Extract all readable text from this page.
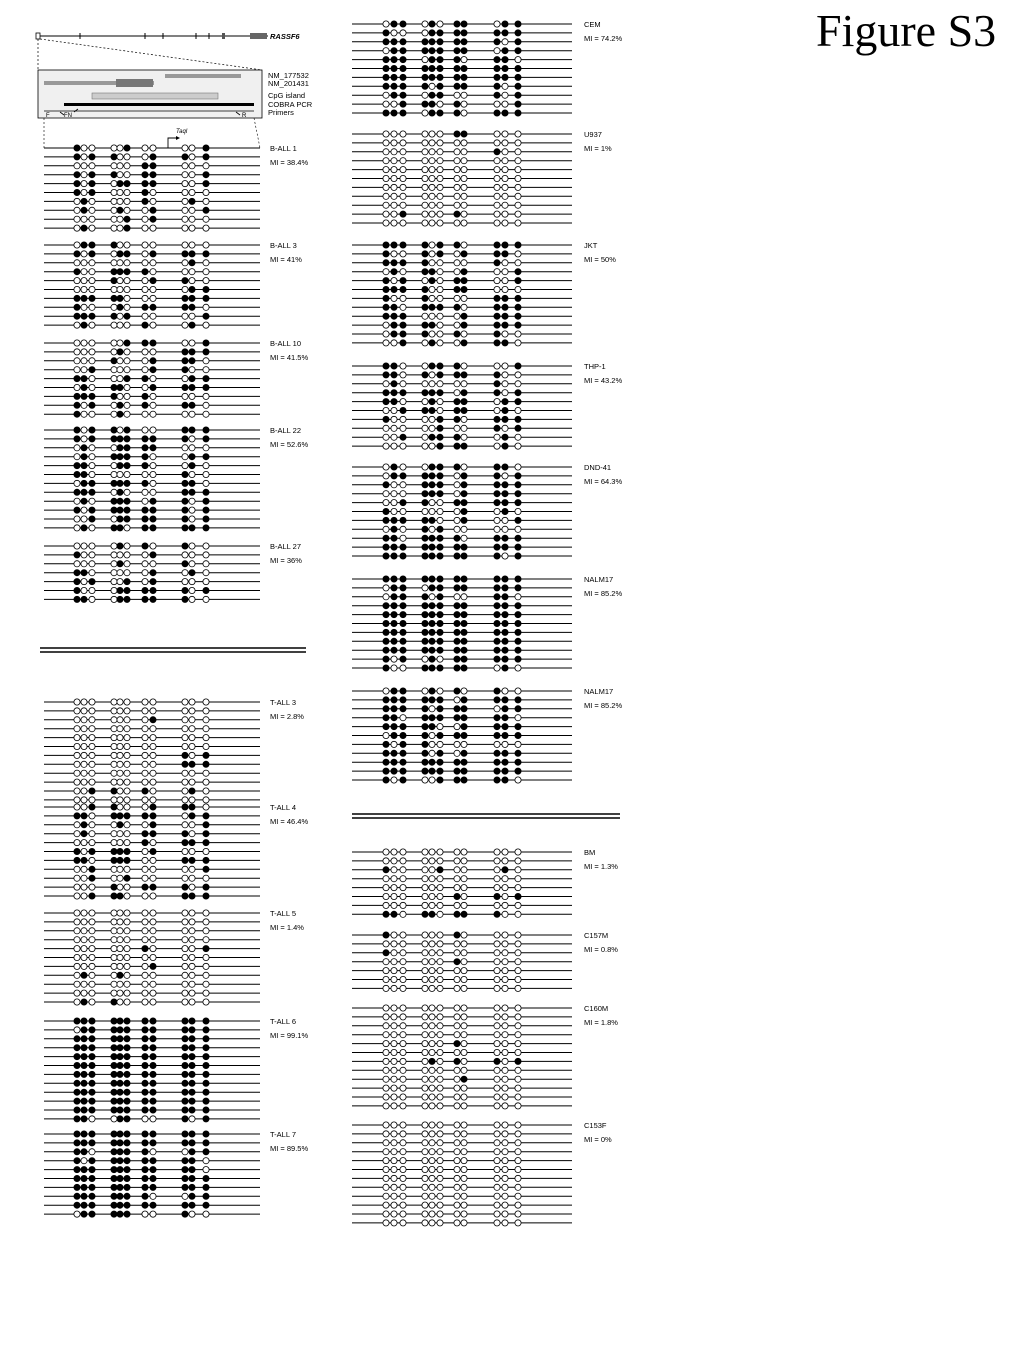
Figure S3
RASSF6
NM_177532
NM_201431
CpG island
COBRA PCR
Primers
F FN	R
TaqI
B-ALL 1
MI = 38.4%
B-ALL 3
MI = 41%
B-ALL 10
MI = 41.5%
B-ALL 22
MI = 52.6%
B-ALL 27
MI = 36%
T-ALL 3
MI = 2.8%
T-ALL 4
MI = 46.4%
T-ALL 5
MI = 1.4%
T-ALL 6
MI = 99.1%
T-ALL 7
MI = 89.5%
CEM
MI = 74.2%
U937
MI = 1%
JKT
MI = 50%
THP-1
MI = 43.2%
DND-41
MI = 64.3%
NALM17
MI = 85.2%
NALM17
MI = 85.2%
BM
MI = 1.3%
C157M
MI = 0.8%
C160M
MI = 1.8%
C153F
MI = 0%
